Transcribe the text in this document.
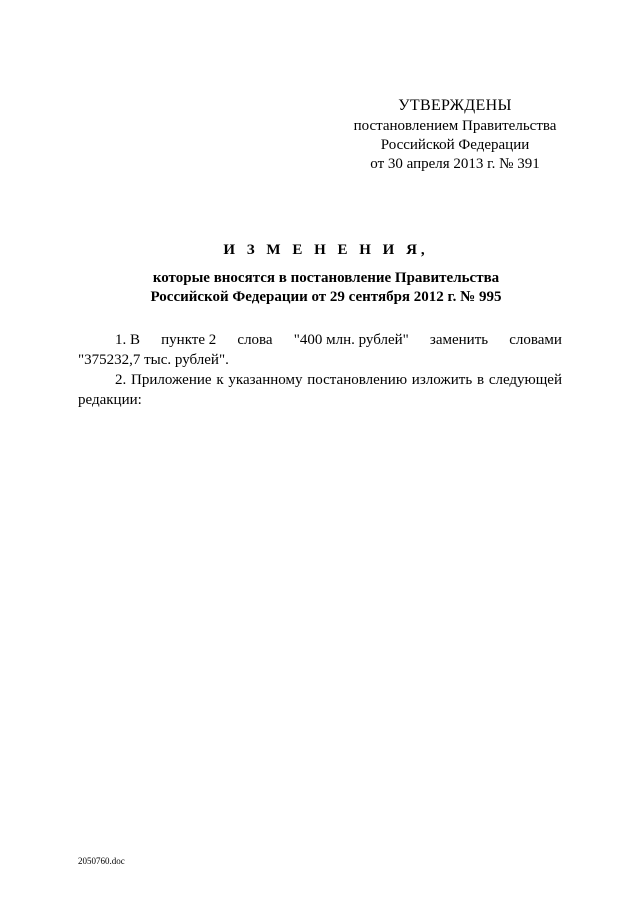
УТВЕРЖДЕНЫ
постановлением Правительства
Российской Федерации
от 30 апреля 2013 г. № 391
И З М Е Н Е Н И Я,
которые вносятся в постановление Правительства
Российской Федерации от 29 сентября 2012 г. № 995
1. В пункте 2 слова "400 млн. рублей" заменить словами
"375232,7 тыс. рублей".
2. Приложение к указанному постановлению изложить в следующей
редакции:
2050760.doc
